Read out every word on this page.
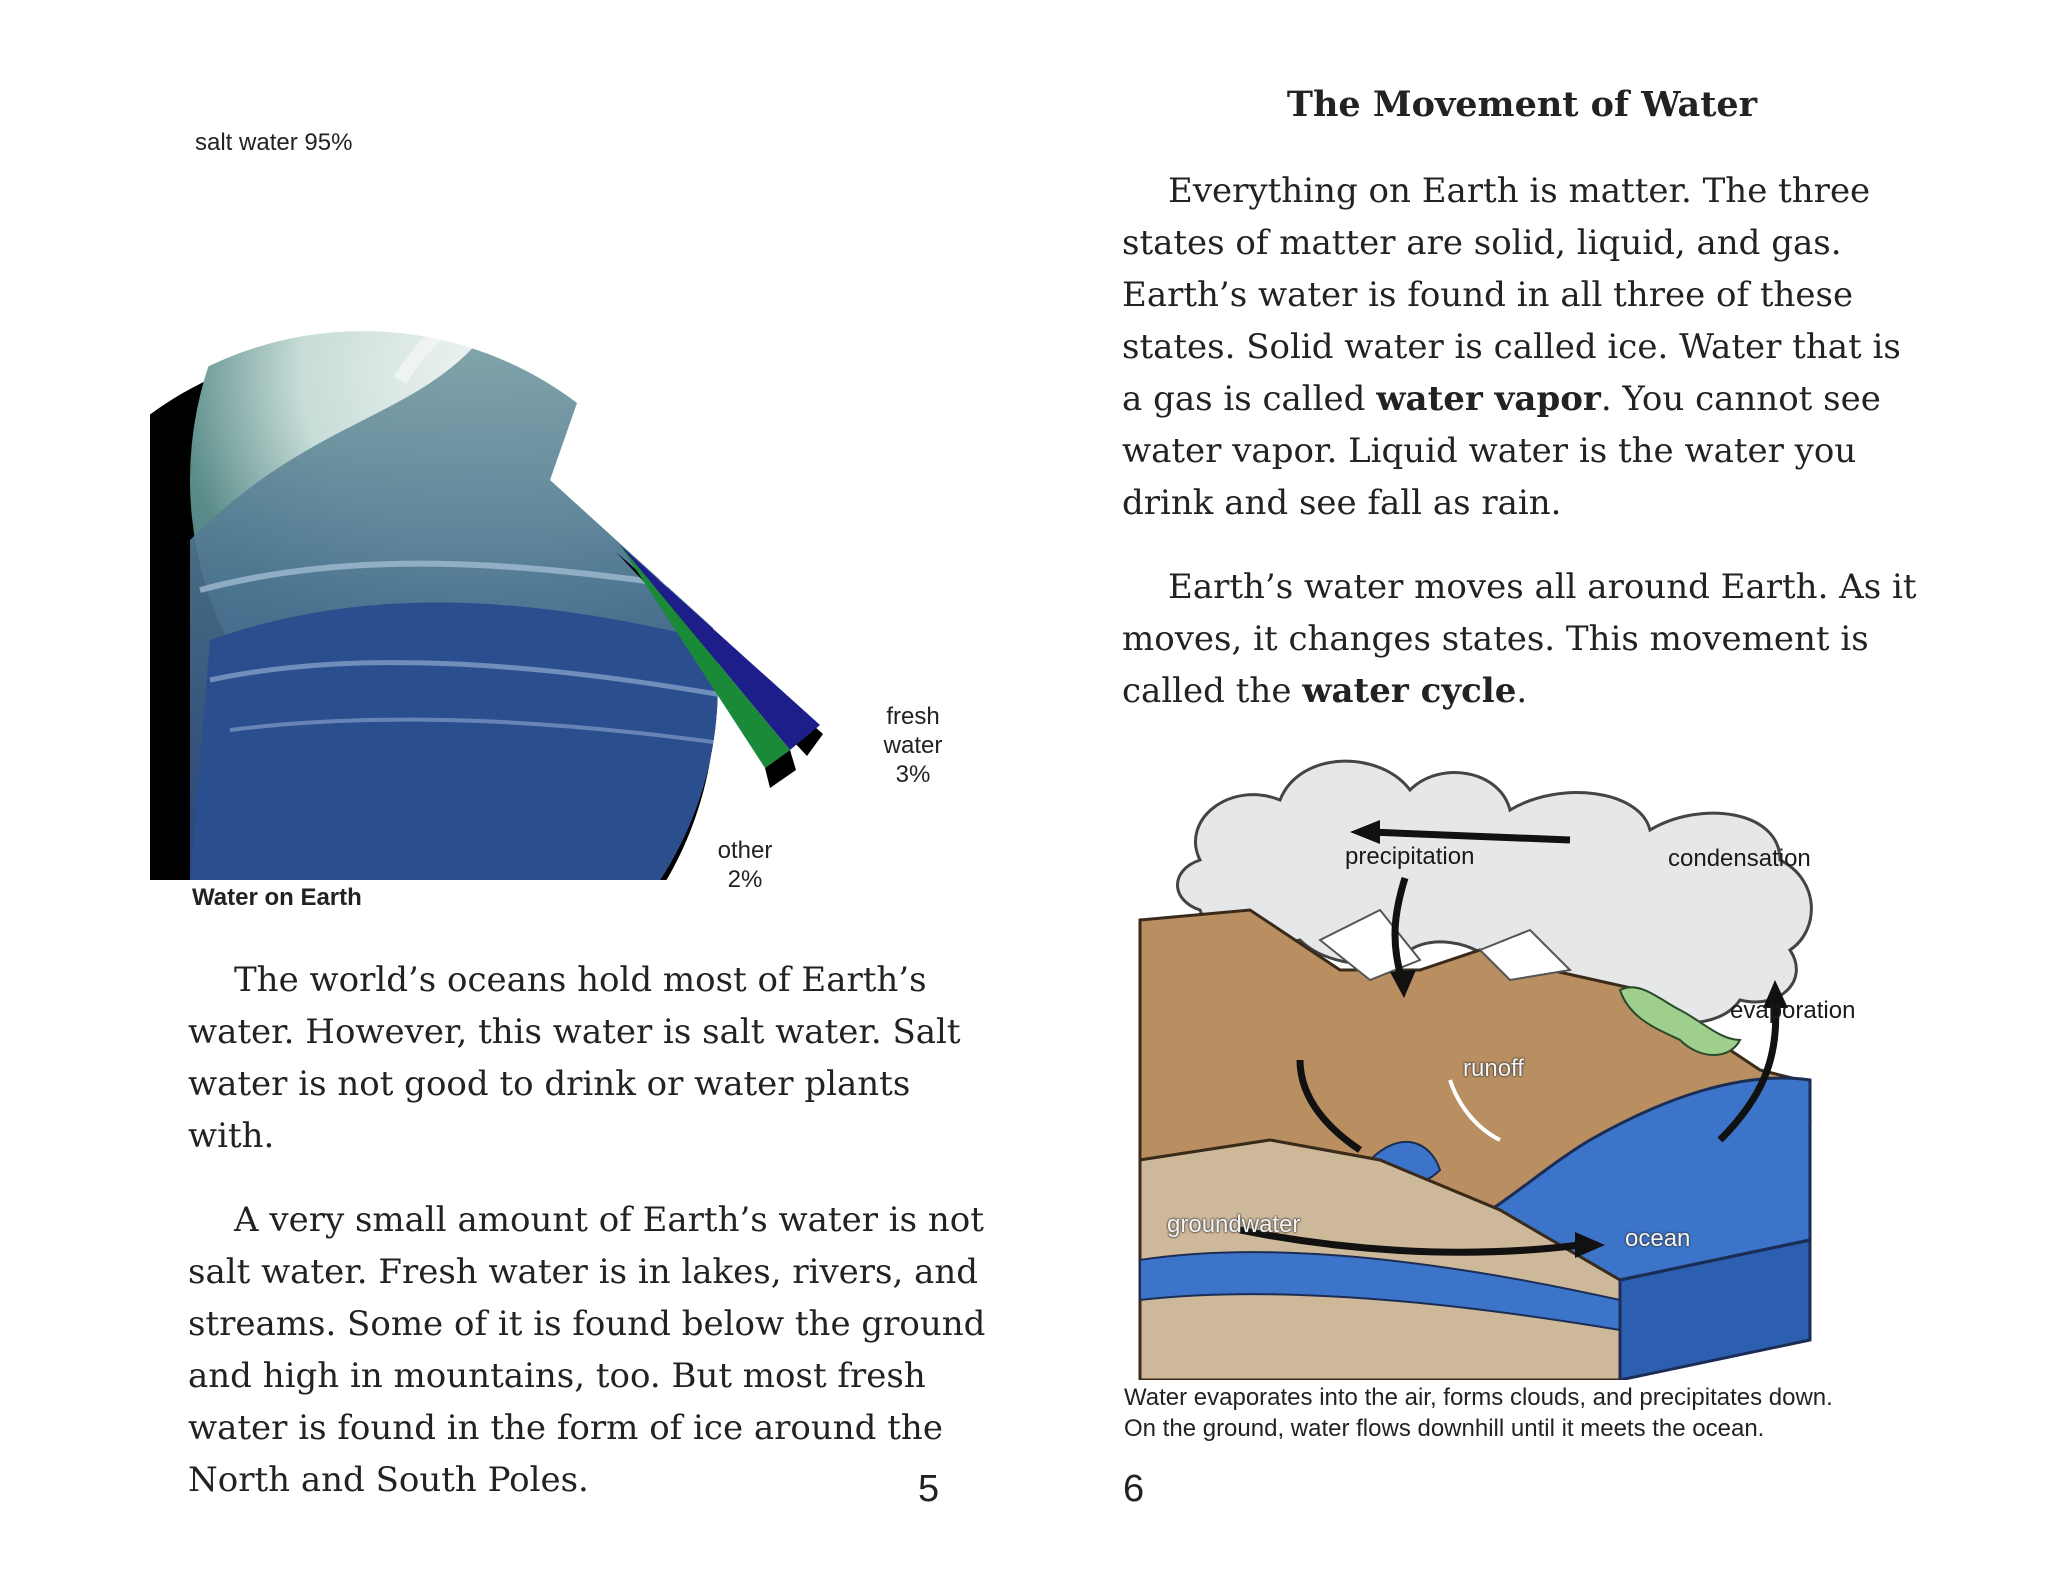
salt water 95%
fresh
water
3%
other
2%
Water on Earth

The world’s oceans hold most of Earth’s water. However, this water is salt water. Salt water is not good to drink or water plants with.

A very small amount of Earth’s water is not salt water. Fresh water is in lakes, rivers, and streams. Some of it is found below the ground and high in mountains, too. But most fresh water is found in the form of ice around the North and South Poles.	5
The Movement of Water

Everything on Earth is matter. The three states of matter are solid, liquid, and gas. Earth’s water is found in all three of these states. Solid water is called ice. Water that is a gas is called water vapor. You cannot see water vapor. Liquid water is the water you drink and see fall as rain.

Earth’s water moves all around Earth. As it moves, it changes states. This movement is called the water cycle.

precipitation	condensation
evaporation
runoff
groundwater
ocean
Water evaporates into the air, forms clouds, and precipitates down.
On the ground, water flows downhill until it meets the ocean.
6
